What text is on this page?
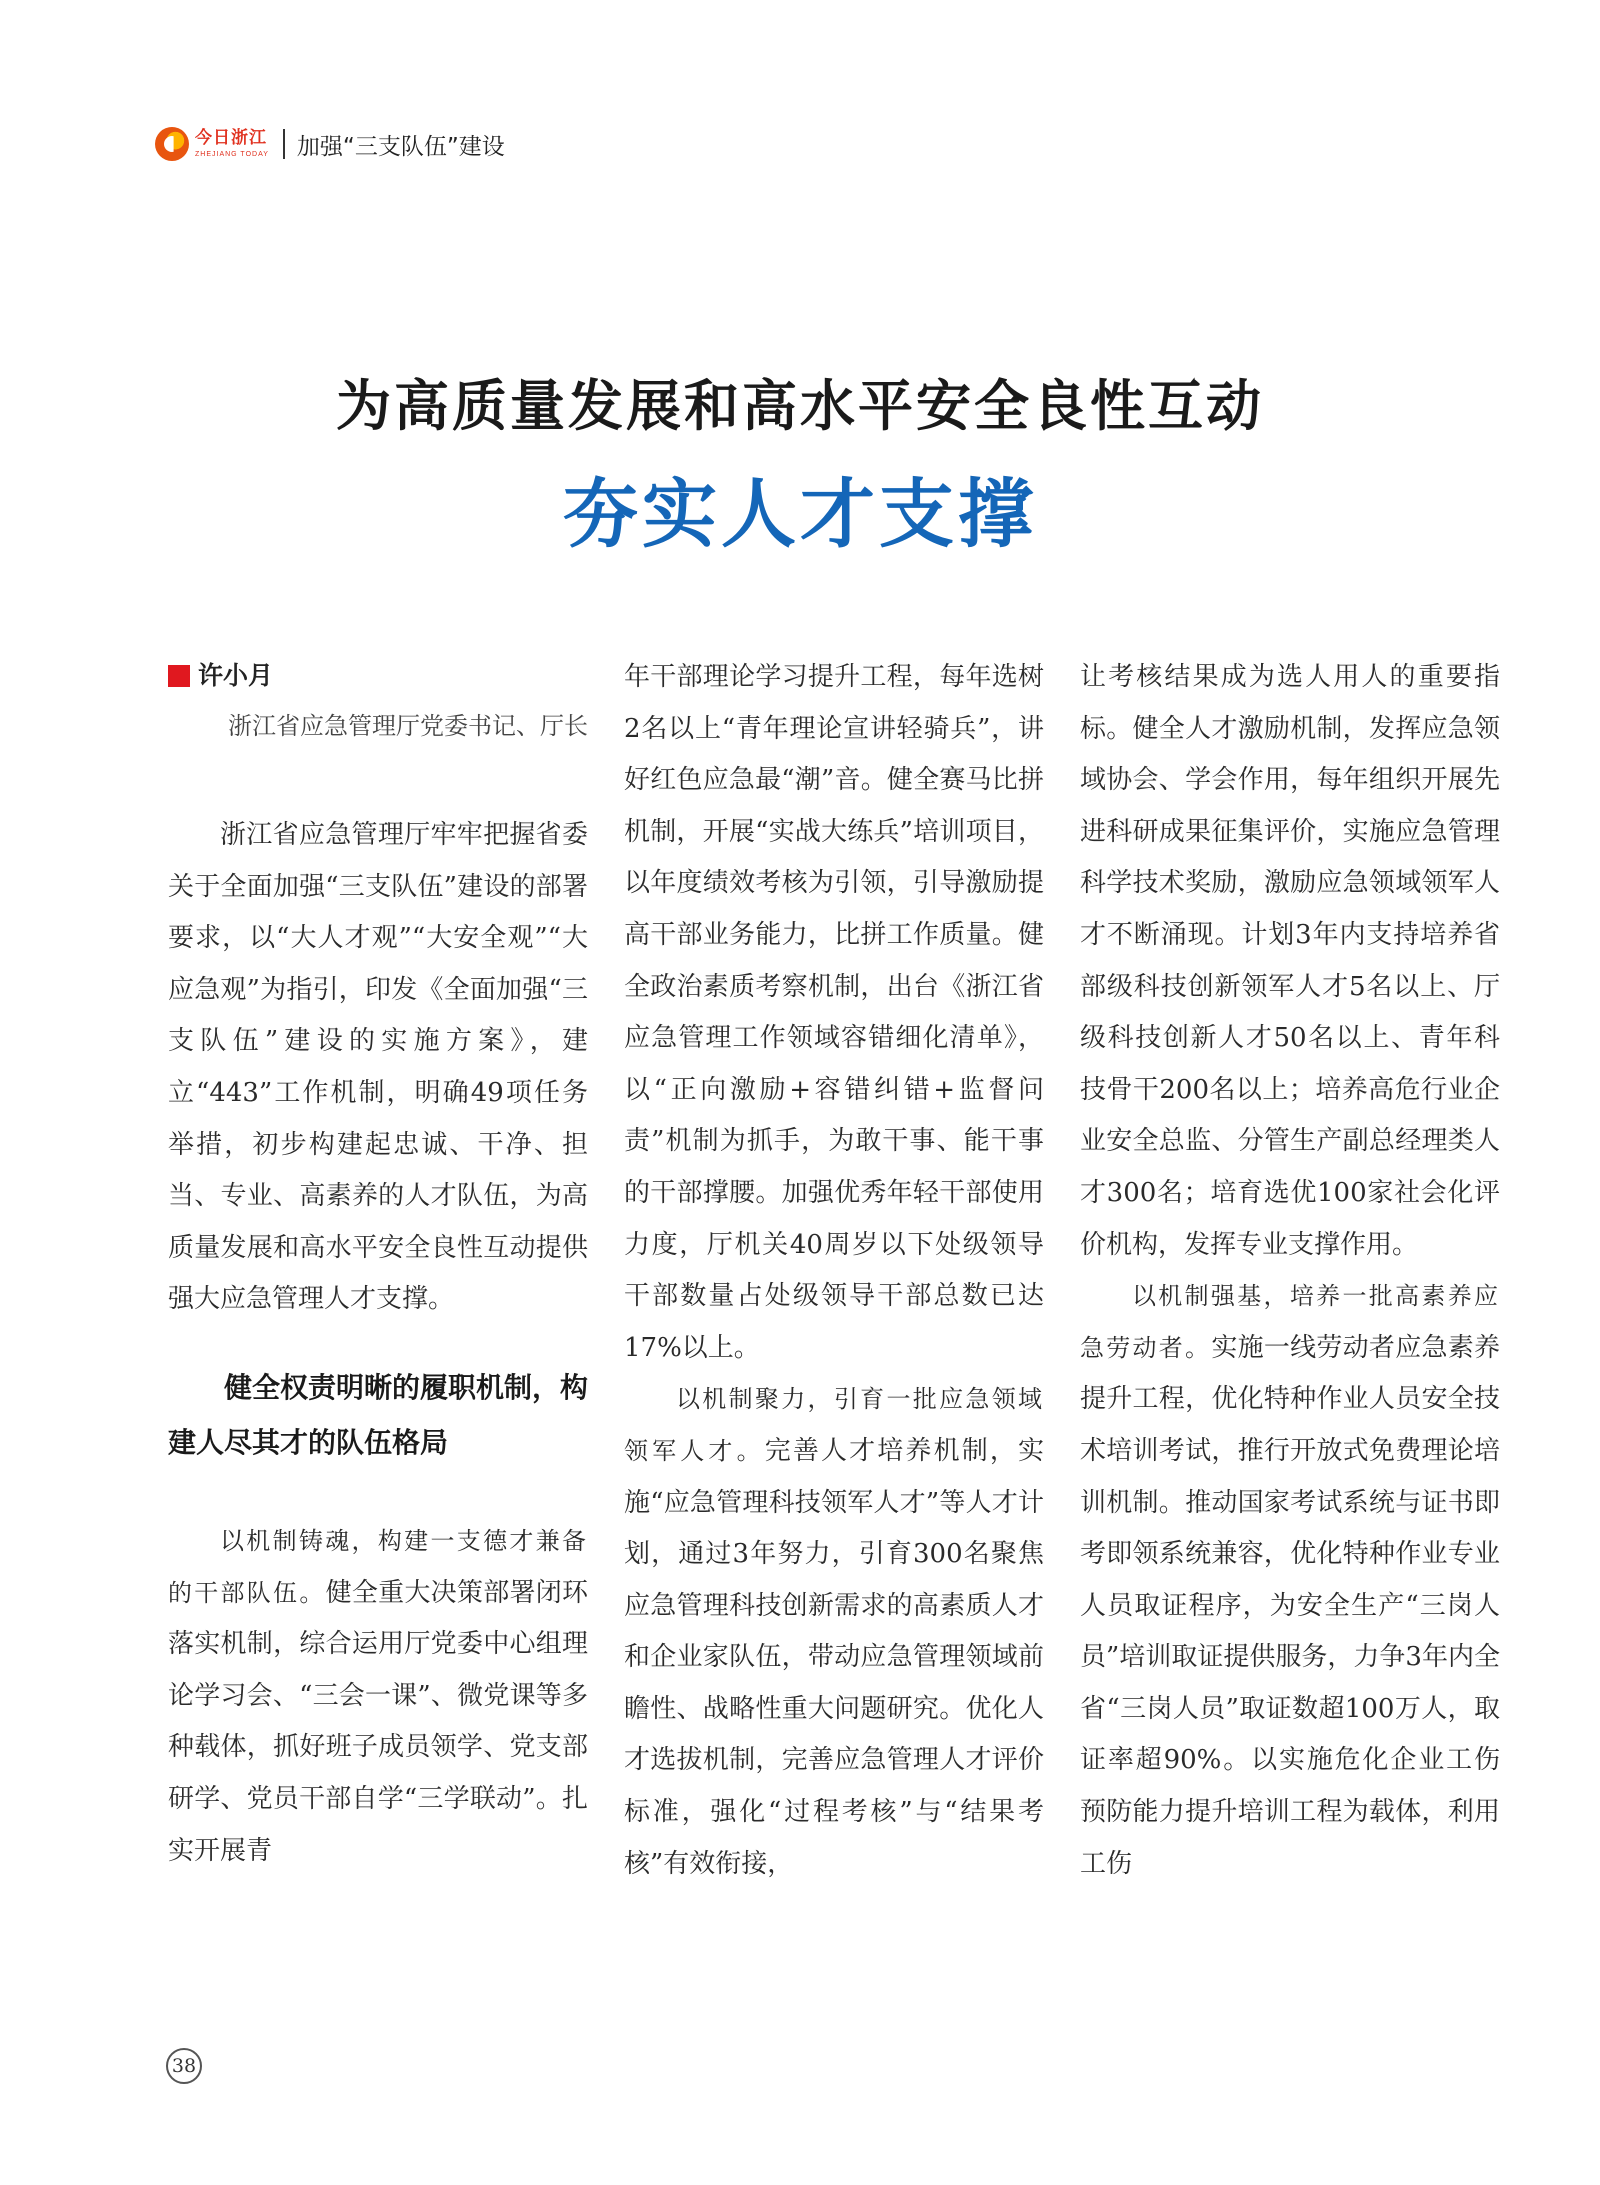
今日浙江
ZHEJIANG TODAY 加强“三支队伍”建设
为高质量发展和高水平安全良性互动
夯实人才支撑
许小月
浙江省应急管理厅党委书记、厅长

浙江省应急管理厅牢牢把握省委关于全面加强“三支队伍”建设的部署要求，以“大人才观”“大安全观”“大应急观”为指引，印发《全面加强“三支队伍”建设的实施方案》，建立“443”工作机制，明确49项任务举措，初步构建起忠诚、干净、担当、专业、高素养的人才队伍，为高质量发展和高水平安全良性互动提供强大应急管理人才支撑。

健全权责明晰的履职机制，构建人尽其才的队伍格局

以机制铸魂，构建一支德才兼备的干部队伍。健全重大决策部署闭环落实机制，综合运用厅党委中心组理论学习会、“三会一课”、微党课等多种载体，抓好班子成员领学、党支部研学、党员干部自学“三学联动”。扎实开展青

年干部理论学习提升工程，每年选树2名以上“青年理论宣讲轻骑兵”，讲好红色应急最“潮”音。健全赛马比拼机制，开展“实战大练兵”培训项目，以年度绩效考核为引领，引导激励提高干部业务能力，比拼工作质量。健全政治素质考察机制，出台《浙江省应急管理工作领域容错细化清单》，以“正向激励+容错纠错+监督问责”机制为抓手，为敢干事、能干事的干部撑腰。加强优秀年轻干部使用力度，厅机关40周岁以下处级领导干部数量占处级领导干部总数已达17%以上。

以机制聚力，引育一批应急领域领军人才。完善人才培养机制，实施“应急管理科技领军人才”等人才计划，通过3年努力，引育300名聚焦应急管理科技创新需求的高素质人才和企业家队伍，带动应急管理领域前瞻性、战略性重大问题研究。优化人才选拔机制，完善应急管理人才评价标准，强化“过程考核”与“结果考核”有效衔接，

让考核结果成为选人用人的重要指标。健全人才激励机制，发挥应急领域协会、学会作用，每年组织开展先进科研成果征集评价，实施应急管理科学技术奖励，激励应急领域领军人才不断涌现。计划3年内支持培养省部级科技创新领军人才5名以上、厅级科技创新人才50名以上、青年科技骨干200名以上；培养高危行业企业安全总监、分管生产副总经理类人才300名；培育选优100家社会化评价机构，发挥专业支撑作用。

以机制强基，培养一批高素养应急劳动者。实施一线劳动者应急素养提升工程，优化特种作业人员安全技术培训考试，推行开放式免费理论培训机制。推动国家考试系统与证书即考即领系统兼容，优化特种作业专业人员取证程序，为安全生产“三岗人员”培训取证提供服务，力争3年内全省“三岗人员”取证数超100万人，取证率超90%。以实施危化企业工伤预防能力提升培训工程为载体，利用工伤

38
